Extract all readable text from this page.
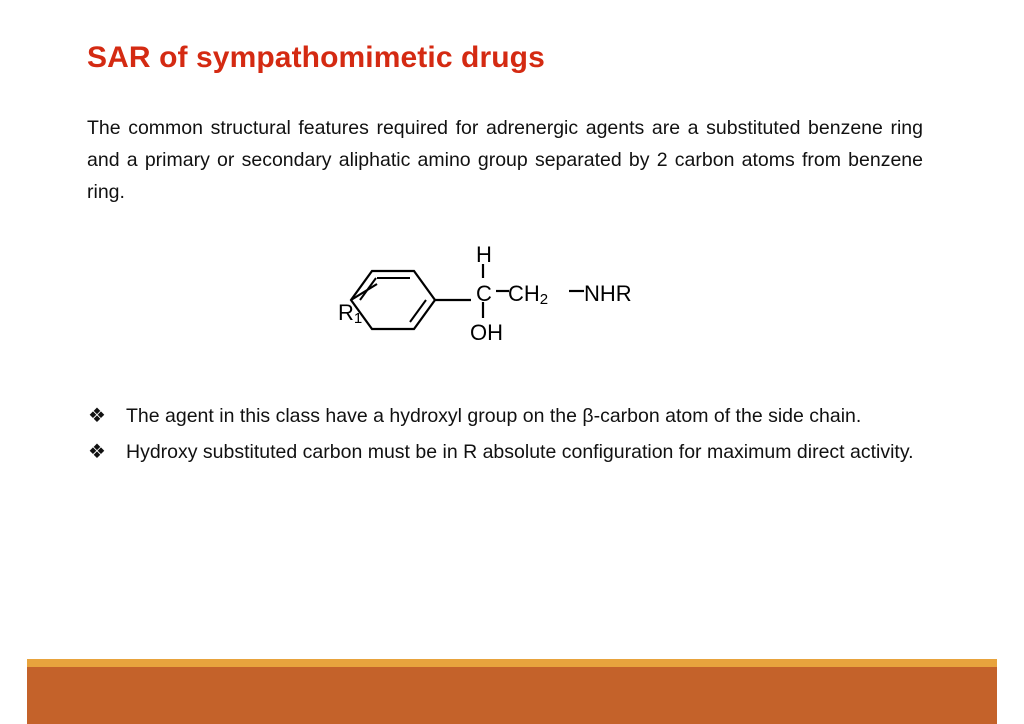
SAR of sympathomimetic drugs
The common structural features required for adrenergic agents are a substituted benzene ring and a primary or secondary aliphatic amino group separated by 2 carbon atoms from benzene ring.
H
C
OH
$CH_2$ NHR
$R_1$
❖	The agent in this class have a hydroxyl group on the β-carbon atom of the side chain.
❖	Hydroxy substituted carbon must be in R absolute configuration for maximum direct activity.
